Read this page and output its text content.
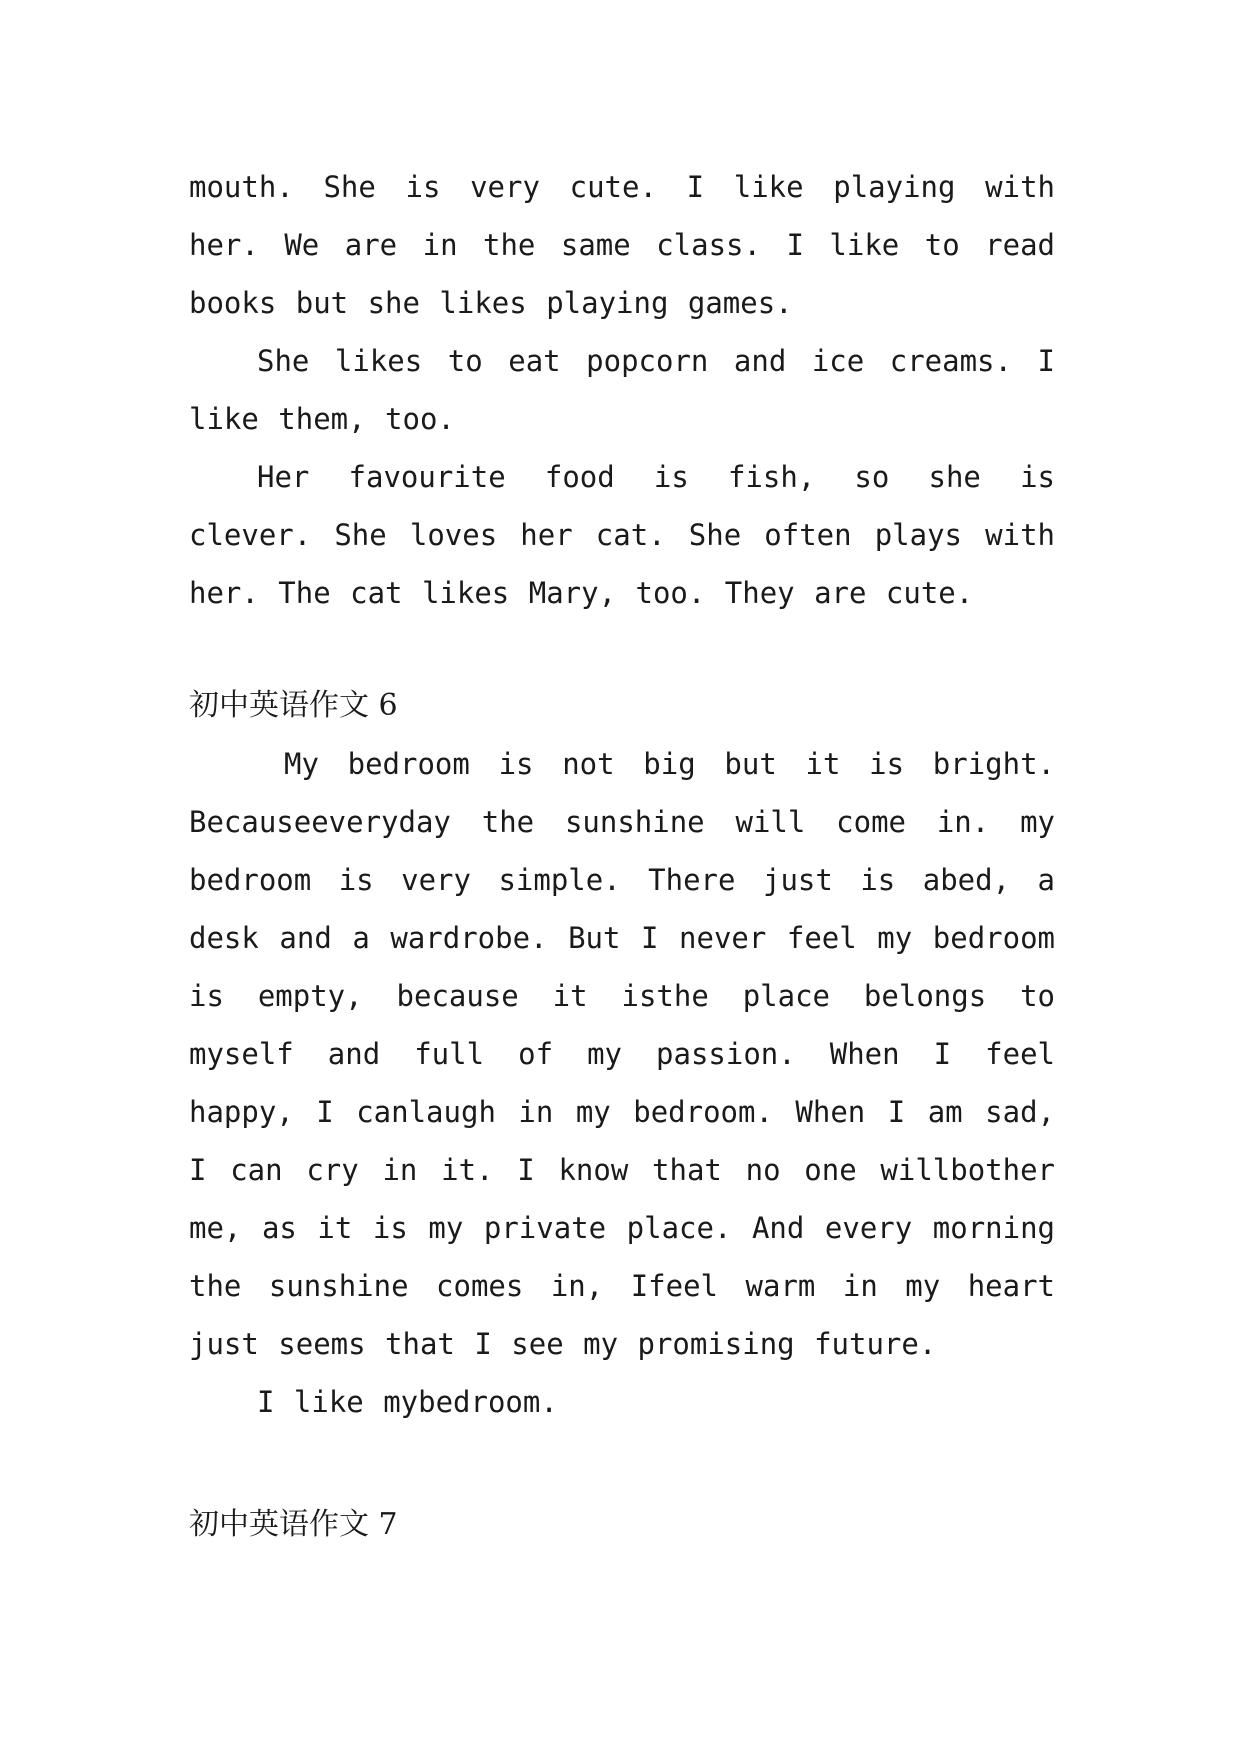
mouth. She is very cute. I like playing with her. We are in the same class. I like to read books but she likes playing games.

She likes to eat popcorn and ice creams. I like them, too.

Her favourite food is fish, so she is clever. She loves her cat. She often plays with her. The cat likes Mary, too. They are cute.

初中英语作文 6

My bedroom is not big but it is bright. Becauseeveryday the sunshine will come in. my bedroom is very simple. There just is abed, a desk and a wardrobe. But I never feel my bedroom is empty, because it isthe place belongs to myself and full of my passion. When I feel happy, I canlaugh in my bedroom. When I am sad, I can cry in it. I know that no one willbother me, as it is my private place. And every morning the sunshine comes in, Ifeel warm in my heart just seems that I see my promising future.

I like mybedroom.

初中英语作文 7
